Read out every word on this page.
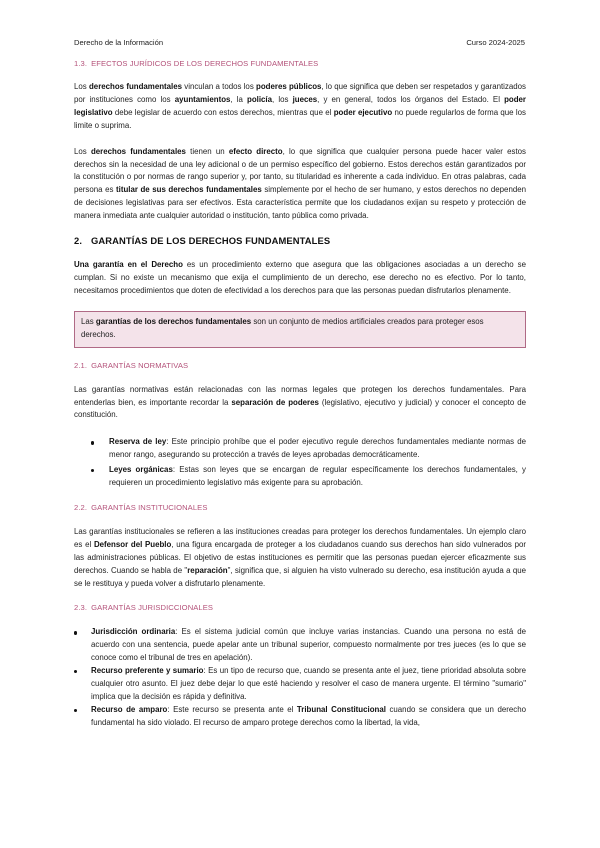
Derecho de la Información	Curso 2024-2025
1.3. EFECTOS JURÍDICOS DE LOS DERECHOS FUNDAMENTALES

Los derechos fundamentales vinculan a todos los poderes públicos, lo que significa que deben ser respetados y garantizados por instituciones como los ayuntamientos, la policía, los jueces, y en general, todos los órganos del Estado. El poder legislativo debe legislar de acuerdo con estos derechos, mientras que el poder ejecutivo no puede regularlos de forma que los limite o suprima.

Los derechos fundamentales tienen un efecto directo, lo que significa que cualquier persona puede hacer valer estos derechos sin la necesidad de una ley adicional o de un permiso específico del gobierno. Estos derechos están garantizados por la constitución o por normas de rango superior y, por tanto, su titularidad es inherente a cada individuo. En otras palabras, cada persona es titular de sus derechos fundamentales simplemente por el hecho de ser humano, y estos derechos no dependen de decisiones legislativas para ser efectivos. Esta característica permite que los ciudadanos exijan su respeto y protección de manera inmediata ante cualquier autoridad o institución, tanto pública como privada.

2. GARANTÍAS DE LOS DERECHOS FUNDAMENTALES

Una garantía en el Derecho es un procedimiento externo que asegura que las obligaciones asociadas a un derecho se cumplan. Si no existe un mecanismo que exija el cumplimiento de un derecho, ese derecho no es efectivo. Por lo tanto, necesitamos procedimientos que doten de efectividad a los derechos para que las personas puedan disfrutarlos plenamente.

Las garantías de los derechos fundamentales son un conjunto de medios artificiales creados para proteger esos derechos.
2.1. GARANTÍAS NORMATIVAS

Las garantías normativas están relacionadas con las normas legales que protegen los derechos fundamentales. Para entenderlas bien, es importante recordar la separación de poderes (legislativo, ejecutivo y judicial) y conocer el concepto de constitución.

Reserva de ley: Este principio prohíbe que el poder ejecutivo regule derechos fundamentales mediante normas de menor rango, asegurando su protección a través de leyes aprobadas democráticamente.
Leyes orgánicas: Estas son leyes que se encargan de regular específicamente los derechos fundamentales, y requieren un procedimiento legislativo más exigente para su aprobación.
2.2. GARANTÍAS INSTITUCIONALES

Las garantías institucionales se refieren a las instituciones creadas para proteger los derechos fundamentales. Un ejemplo claro es el Defensor del Pueblo, una figura encargada de proteger a los ciudadanos cuando sus derechos han sido vulnerados por las administraciones públicas. El objetivo de estas instituciones es permitir que las personas puedan ejercer eficazmente sus derechos. Cuando se habla de "reparación", significa que, si alguien ha visto vulnerado su derecho, esa institución ayuda a que se le restituya y pueda volver a disfrutarlo plenamente.

2.3. GARANTÍAS JURISDICCIONALES
Jurisdicción ordinaria: Es el sistema judicial común que incluye varias instancias. Cuando una persona no está de acuerdo con una sentencia, puede apelar ante un tribunal superior, compuesto normalmente por tres jueces (es lo que se conoce como el tribunal de tres en apelación).
Recurso preferente y sumario: Es un tipo de recurso que, cuando se presenta ante el juez, tiene prioridad absoluta sobre cualquier otro asunto. El juez debe dejar lo que esté haciendo y resolver el caso de manera urgente. El término "sumario" implica que la decisión es rápida y definitiva.
Recurso de amparo: Este recurso se presenta ante el Tribunal Constitucional cuando se considera que un derecho fundamental ha sido violado. El recurso de amparo protege derechos como la libertad, la vida,
